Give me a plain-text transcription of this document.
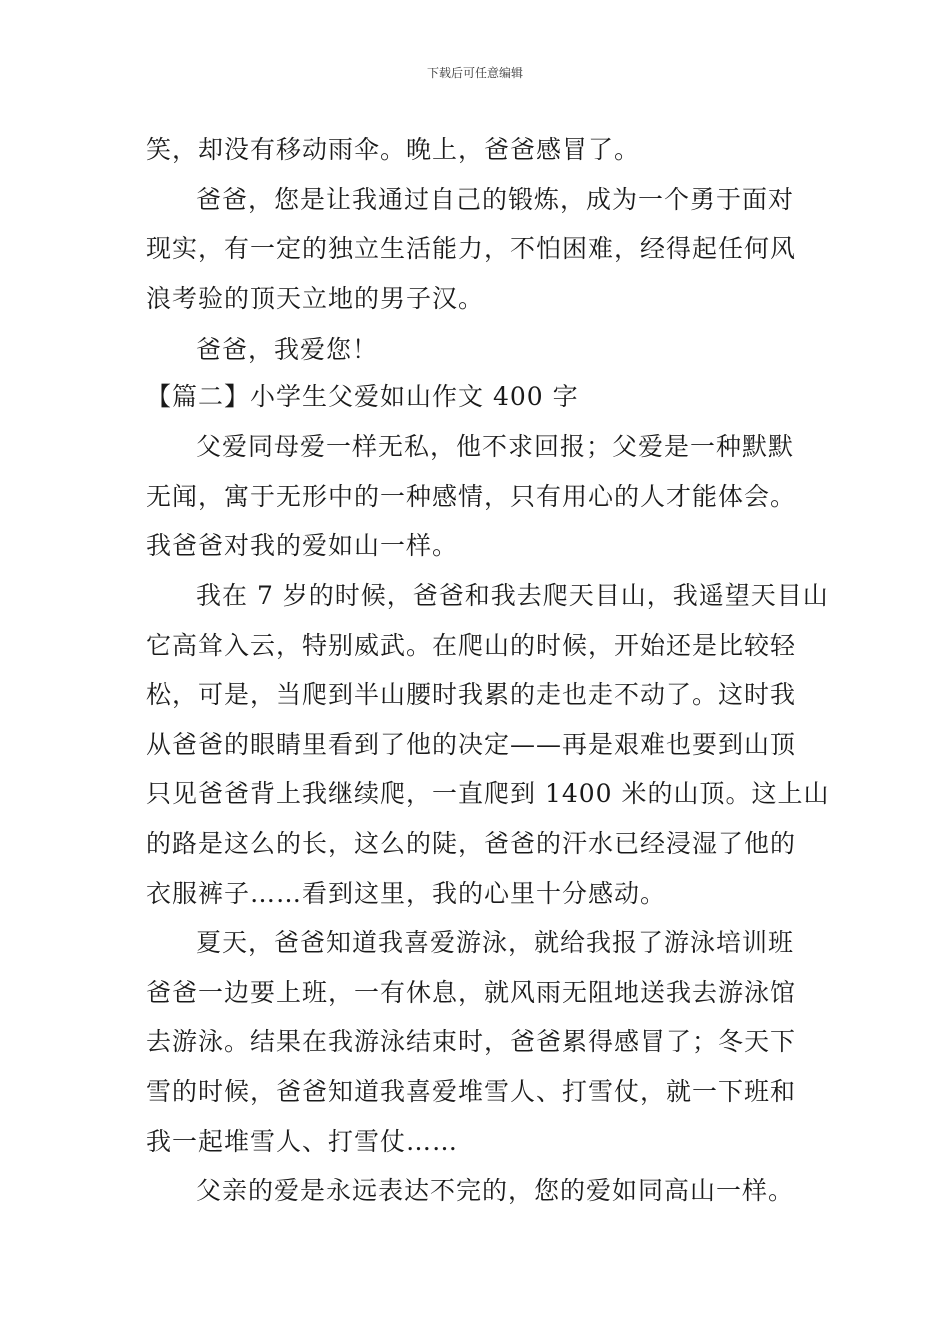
下载后可任意编辑
笑，却没有移动雨伞。晚上，爸爸感冒了。
爸爸，您是让我通过自己的锻炼，成为一个勇于面对
现实，有一定的独立生活能力，不怕困难，经得起任何风
浪考验的顶天立地的男子汉。
爸爸，我爱您！
【篇二】小学生父爱如山作文 400 字
父爱同母爱一样无私，他不求回报；父爱是一种默默
无闻，寓于无形中的一种感情，只有用心的人才能体会。
我爸爸对我的爱如山一样。
我在 7 岁的时候，爸爸和我去爬天目山，我遥望天目山
它高耸入云，特别威武。在爬山的时候，开始还是比较轻
松，可是，当爬到半山腰时我累的走也走不动了。这时我
从爸爸的眼睛里看到了他的决定——再是艰难也要到山顶
只见爸爸背上我继续爬，一直爬到 1400 米的山顶。这上山
的路是这么的长，这么的陡，爸爸的汗水已经浸湿了他的
衣服裤子……看到这里，我的心里十分感动。
夏天，爸爸知道我喜爱游泳，就给我报了游泳培训班
爸爸一边要上班，一有休息，就风雨无阻地送我去游泳馆
去游泳。结果在我游泳结束时，爸爸累得感冒了；冬天下
雪的时候，爸爸知道我喜爱堆雪人、打雪仗，就一下班和
我一起堆雪人、打雪仗……
父亲的爱是永远表达不完的，您的爱如同高山一样。
